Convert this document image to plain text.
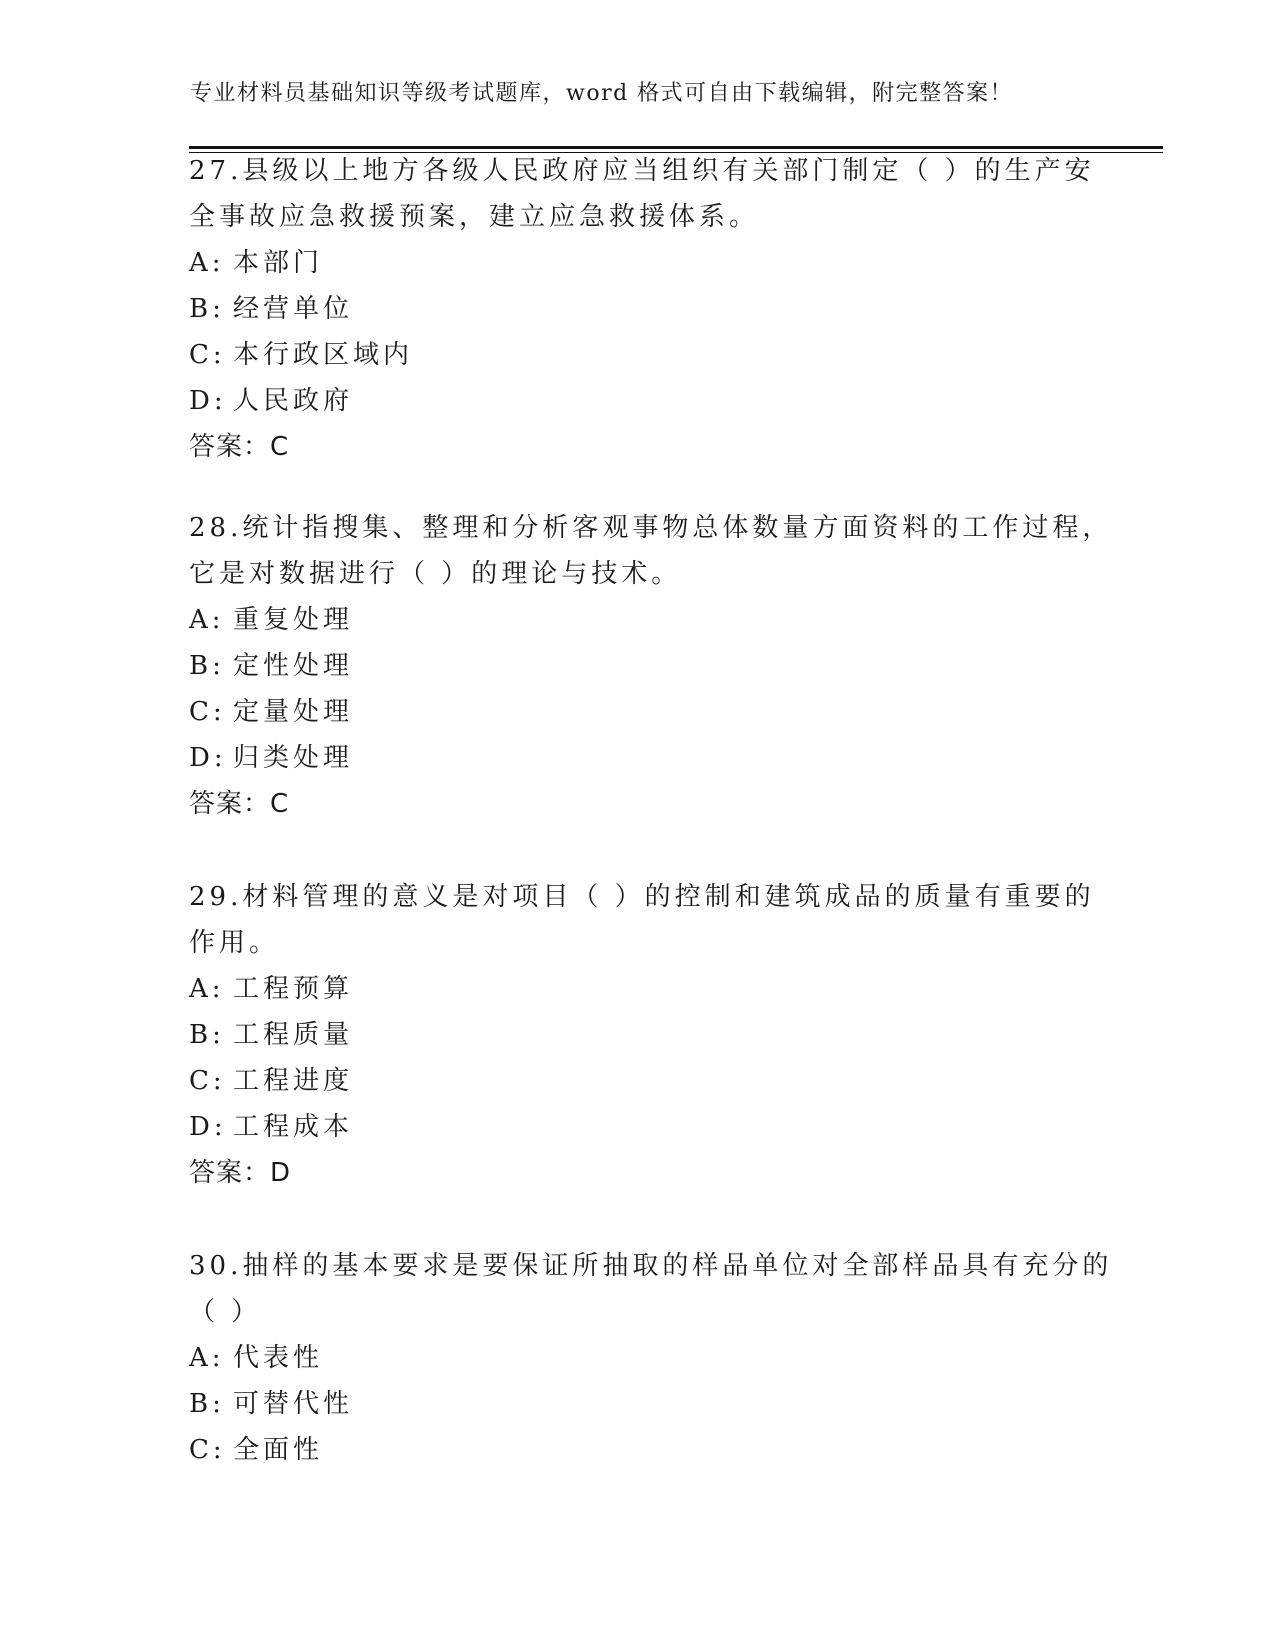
专业材料员基础知识等级考试题库，word 格式可自由下载编辑，附完整答案！
27.县级以上地方各级人民政府应当组织有关部门制定（ ）的生产安
全事故应急救援预案，建立应急救援体系。
A: 本部门
B: 经营单位
C: 本行政区域内
D: 人民政府
答案：C
28.统计指搜集、整理和分析客观事物总体数量方面资料的工作过程，
它是对数据进行（ ）的理论与技术。
A: 重复处理
B: 定性处理
C: 定量处理
D: 归类处理
答案：C
29.材料管理的意义是对项目（ ）的控制和建筑成品的质量有重要的
作用。
A: 工程预算
B: 工程质量
C: 工程进度
D: 工程成本
答案：D
30.抽样的基本要求是要保证所抽取的样品单位对全部样品具有充分的
（ ）
A: 代表性
B: 可替代性
C: 全面性
